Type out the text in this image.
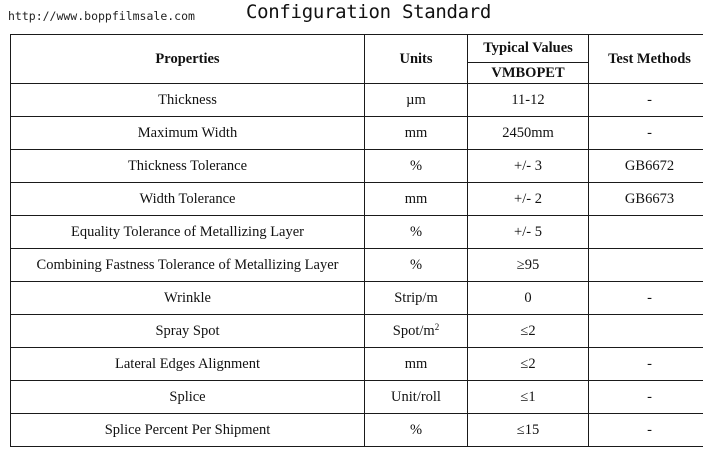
http://www.boppfilmsale.com	Configuration Standard
Properties	Units	Typical Values	Test Methods
		VMBOPET	
Thickness	µm	11-12	-
Maximum Width	mm	2450mm	-
Thickness Tolerance	%	+/- 3	GB6672
Width Tolerance	mm	+/- 2	GB6673
Equality Tolerance of Metallizing Layer	%	+/- 5	
Combining Fastness Tolerance of Metallizing Layer	%	≥95	
Wrinkle	Strip/m	0	-
Spray Spot	Spot/$m^2$	≤2	
Lateral Edges Alignment	mm	≤2	-
Splice	Unit/roll	≤1	-
Splice Percent Per Shipment	%	≤15	-
